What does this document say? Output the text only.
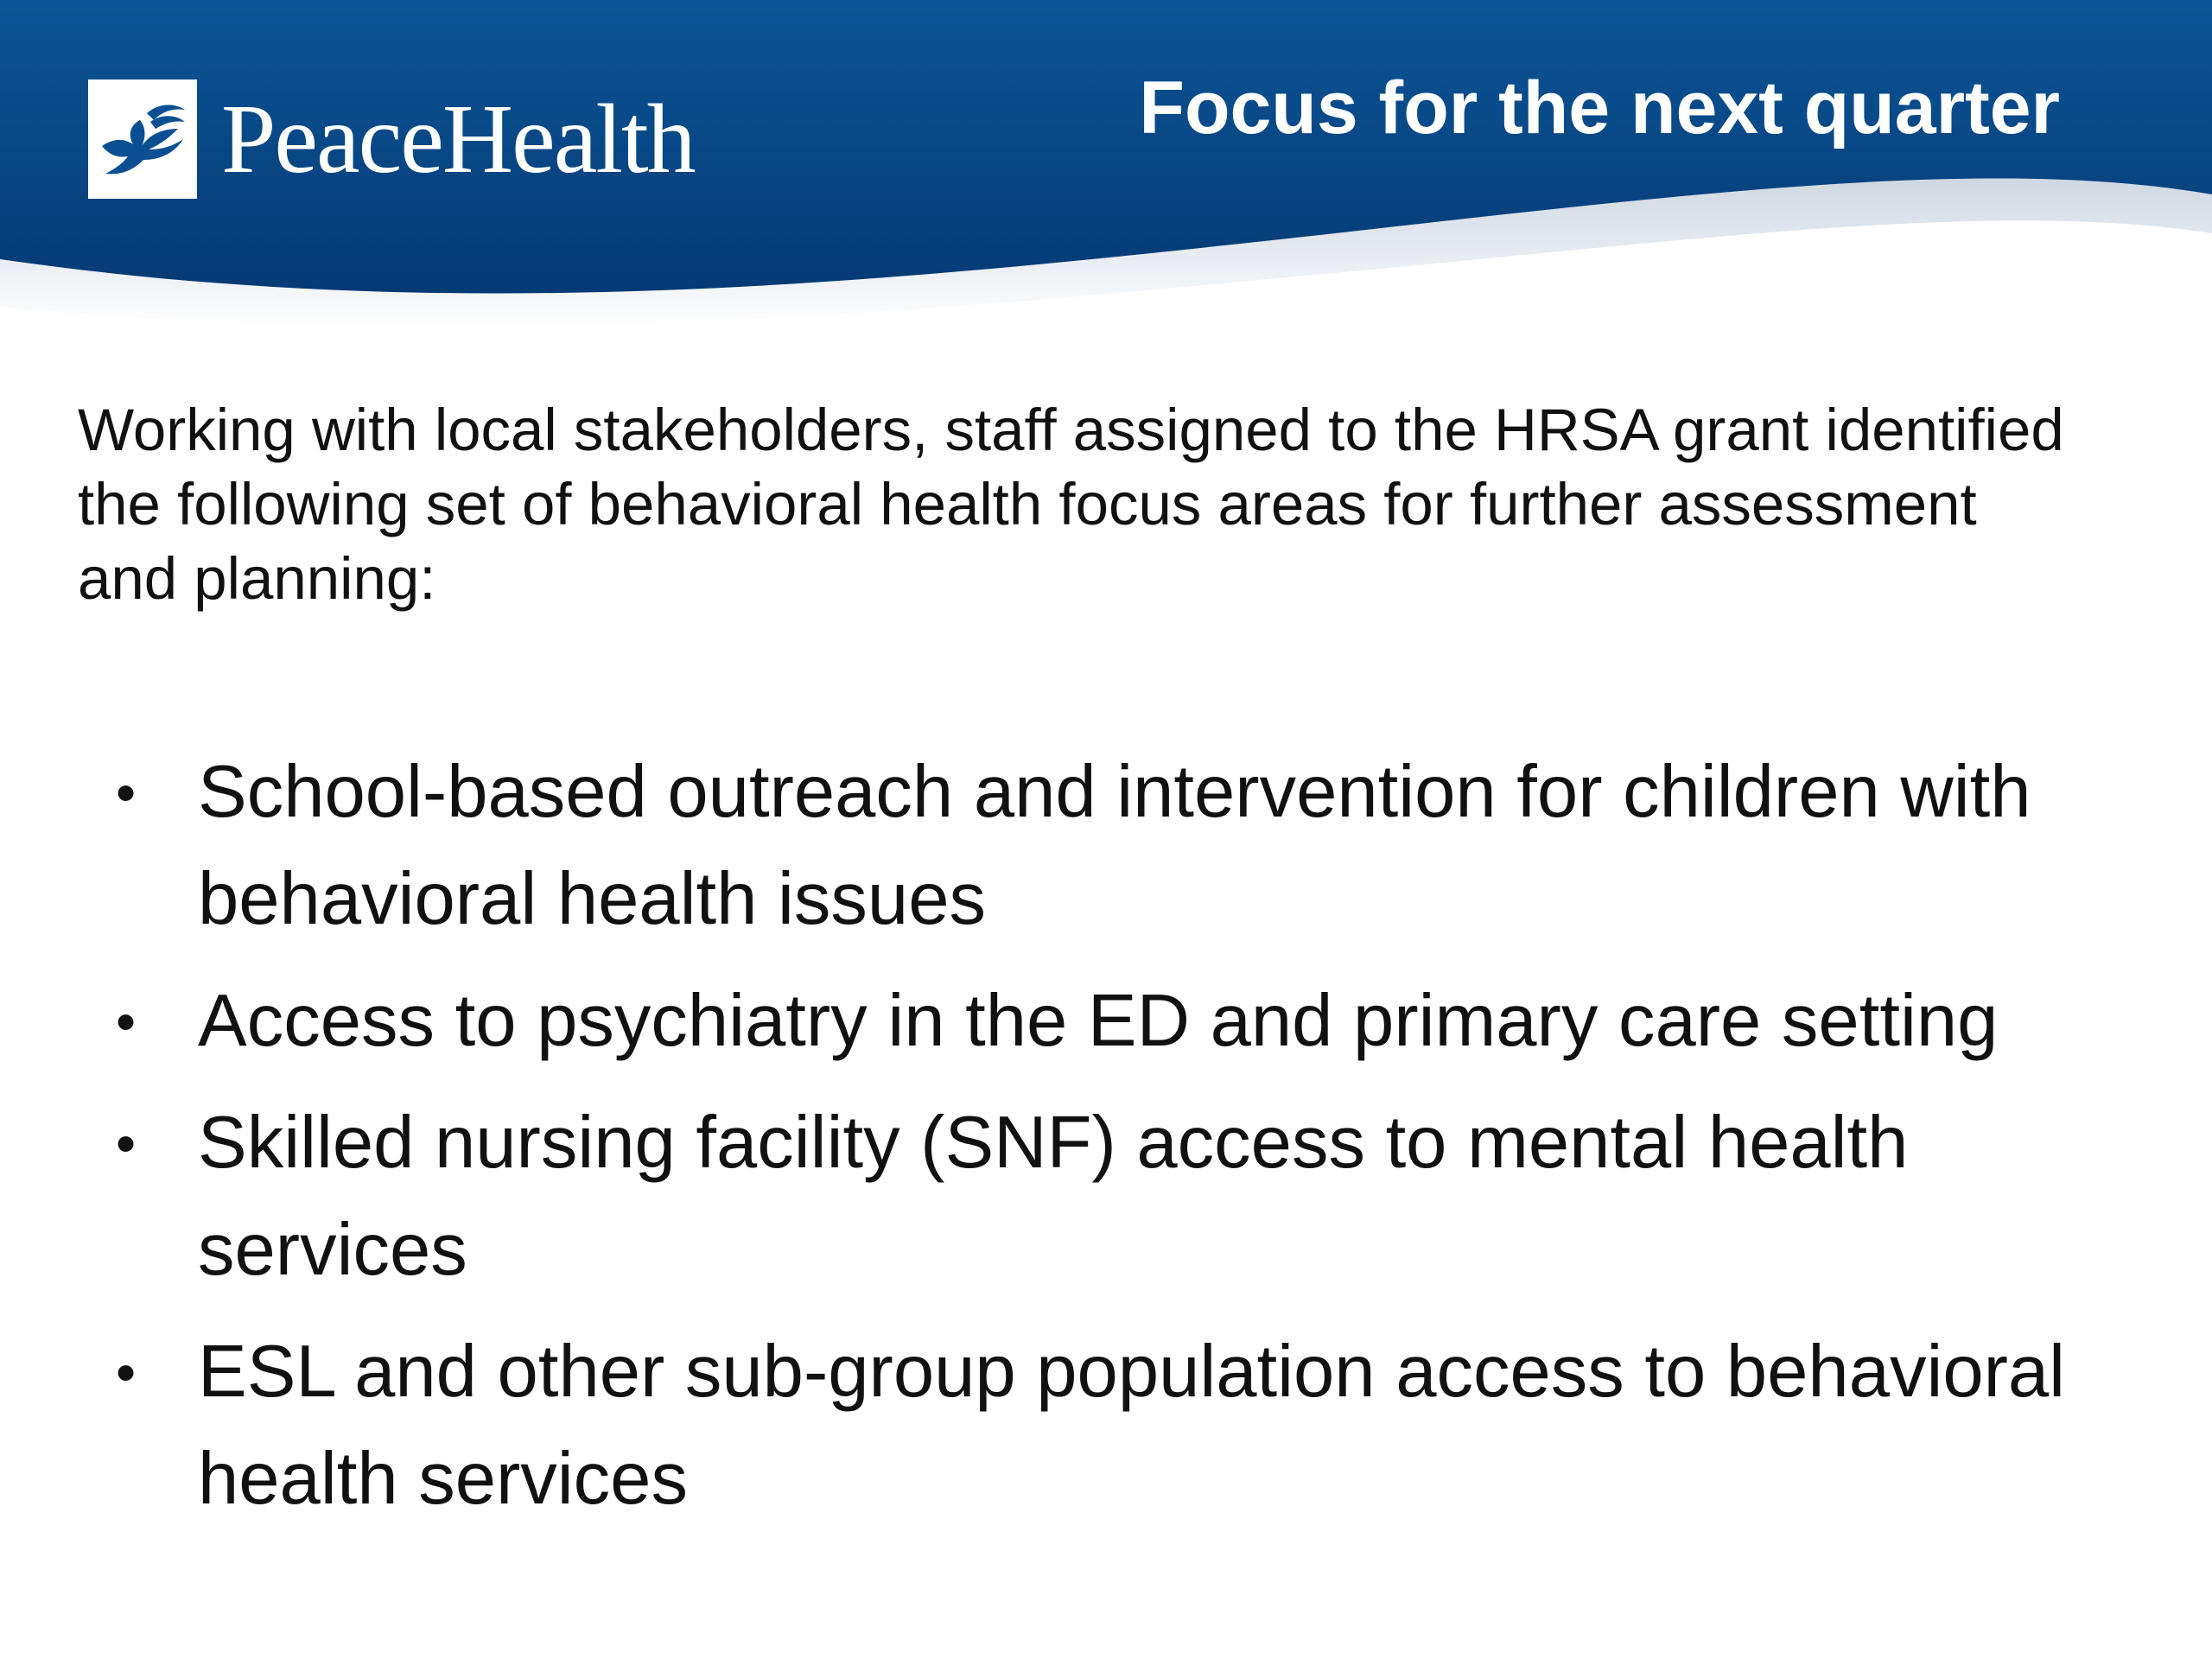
PeaceHealth	Focus for the next quarter

Working with local stakeholders, staff assigned to the HRSA grant identified the following set of behavioral health focus areas for further assessment and planning:

• School-based outreach and intervention for children with behavioral health issues
• Access to psychiatry in the ED and primary care setting
• Skilled nursing facility (SNF) access to mental health services
• ESL and other sub-group population access to behavioral health services
